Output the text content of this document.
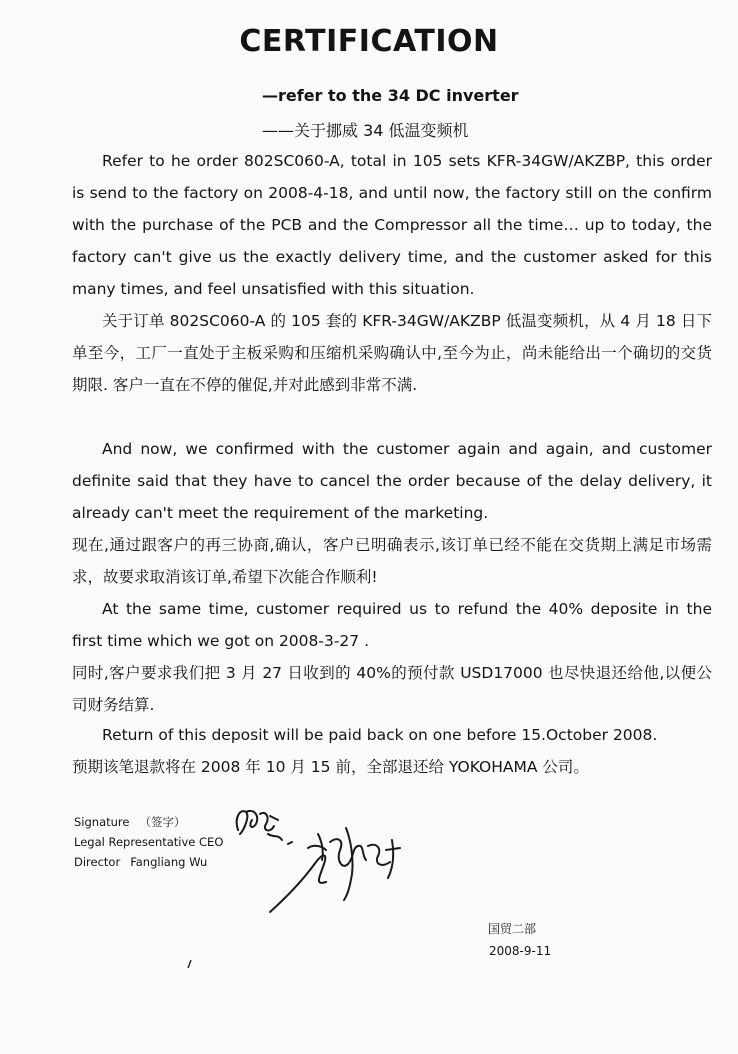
CERTIFICATION
—refer to the 34 DC inverter
——关于挪威 34 低温变频机
Refer to he order 802SC060-A, total in 105 sets KFR-34GW/AKZBP, this order is send to the factory on 2008-4-18, and until now, the factory still on the confirm with the purchase of the PCB and the Compressor all the time… up to today, the factory can't give us the exactly delivery time, and the customer asked for this many times, and feel unsatisfied with this situation.
关于订单 802SC060-A 的 105 套的 KFR-34GW/AKZBP 低温变频机，从 4 月 18 日下单至今，工厂一直处于主板采购和压缩机采购确认中,至今为止，尚未能给出一个确切的交货期限. 客户一直在不停的催促,并对此感到非常不满.
And now, we confirmed with the customer again and again, and customer definite said that they have to cancel the order because of the delay delivery, it already can't meet the requirement of the marketing.
现在,通过跟客户的再三协商,确认，客户已明确表示,该订单已经不能在交货期上满足市场需求，故要求取消该订单,希望下次能合作顺利!
At the same time, customer required us to refund the 40% deposite in the first time which we got on 2008-3-27 .
同时,客户要求我们把 3 月 27 日收到的 40%的预付款 USD17000 也尽快退还给他,以便公司财务结算.
Return of this deposit will be paid back on one before 15.October 2008.
预期该笔退款将在 2008 年 10 月 15 前，全部退还给 YOKOHAMA 公司。
Signature （签字）
Legal Representative CEO
Director Fangliang Wu
国贸二部
2008-9-11
